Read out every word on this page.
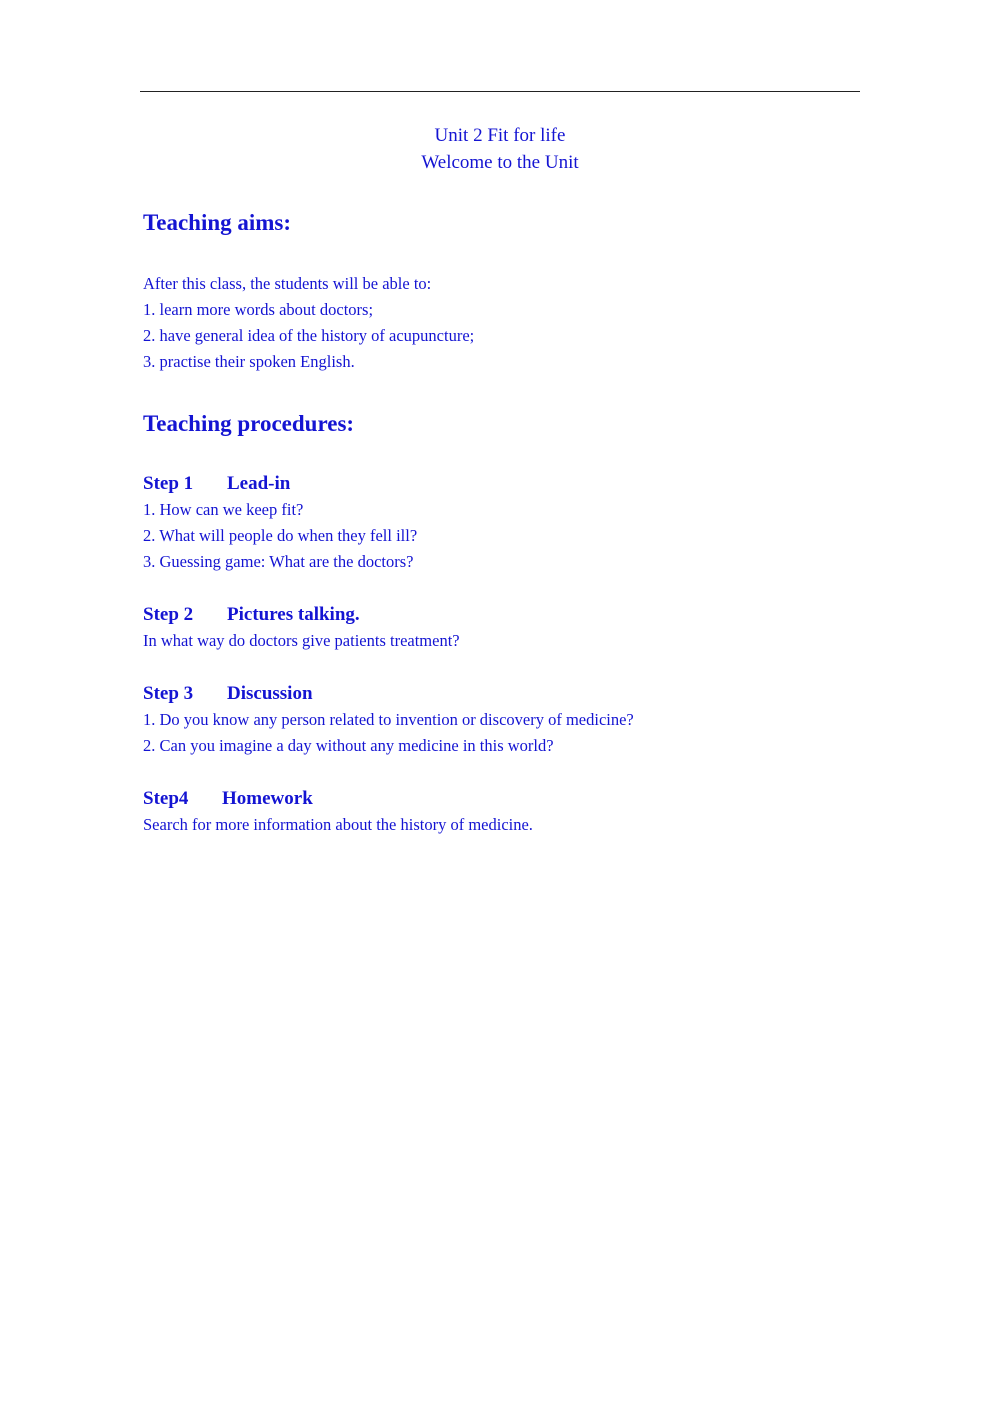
Unit 2 Fit for life
Welcome to the Unit
Teaching aims:
After this class, the students will be able to:
1. learn more words about doctors;
2. have general idea of the history of acupuncture;
3. practise their spoken English.
Teaching procedures:
Step 1 Lead-in
1. How can we keep fit?
2. What will people do when they fell ill?
3. Guessing game: What are the doctors?
Step 2 Pictures talking.
In what way do doctors give patients treatment?
Step 3 Discussion
1. Do you know any person related to invention or discovery of medicine?
2. Can you imagine a day without any medicine in this world?
Step4 Homework
Search for more information about the history of medicine.
